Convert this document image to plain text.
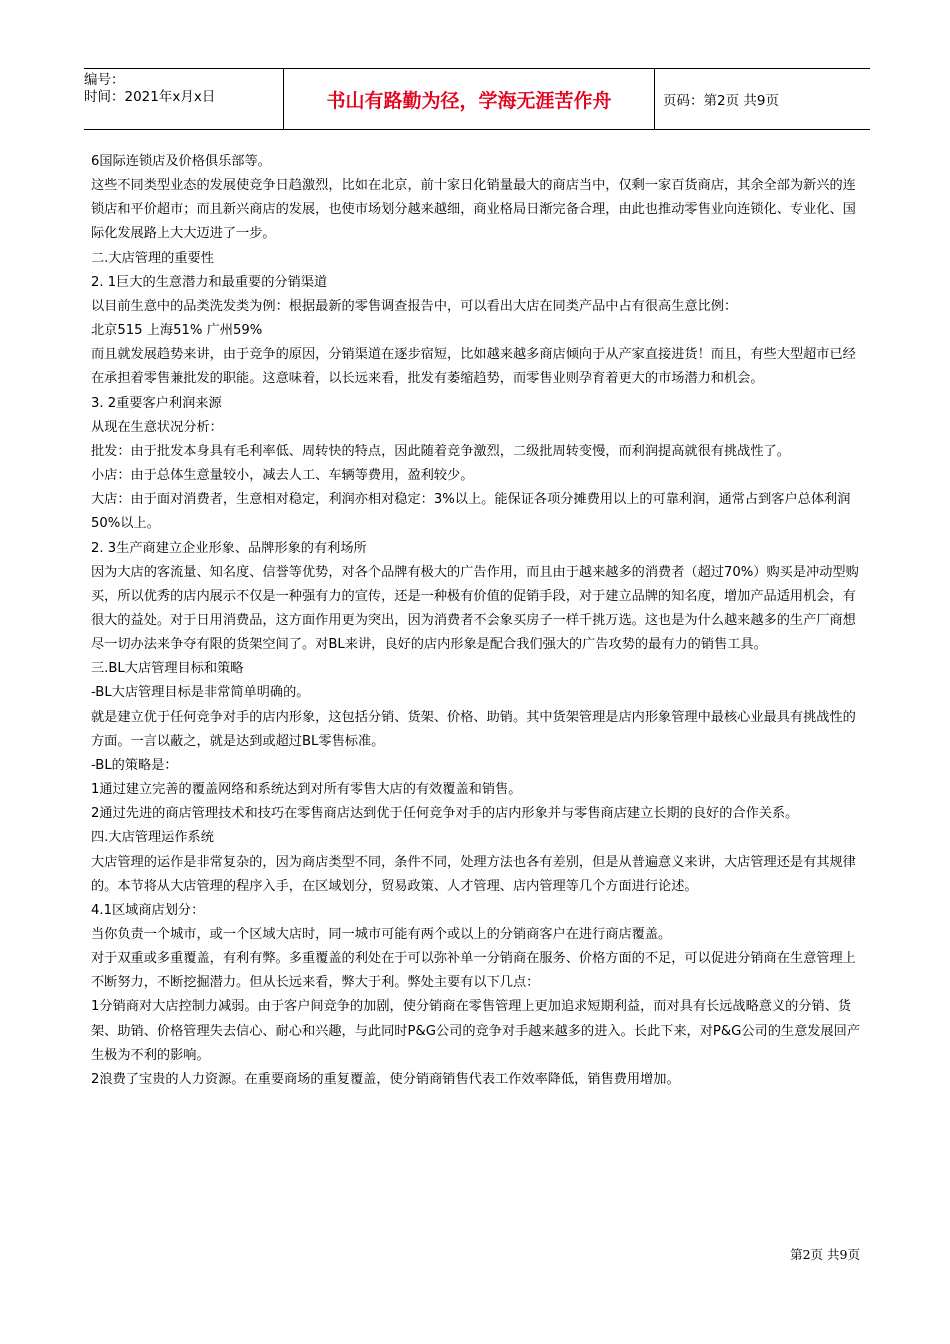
编号：
时间：2021年x月x日	书山有路勤为径，学海无涯苦作舟	页码：第2页 共9页

6国际连锁店及价格俱乐部等。

这些不同类型业态的发展使竞争日趋激烈，比如在北京，前十家日化销量最大的商店当中，仅剩一家百货商店，其余全部为新兴的连锁店和平价超市；而且新兴商店的发展，也使市场划分越来越细，商业格局日渐完备合理，由此也推动零售业向连锁化、专业化、国际化发展路上大大迈进了一步。

二.大店管理的重要性

2. 1巨大的生意潜力和最重要的分销渠道

以目前生意中的品类洗发类为例：根据最新的零售调查报告中，可以看出大店在同类产品中占有很高生意比例：

北京515 上海51% 广州59%

而且就发展趋势来讲，由于竞争的原因，分销渠道在逐步宿短，比如越来越多商店倾向于从产家直接进货！而且，有些大型超市已经在承担着零售兼批发的职能。这意味着，以长远来看，批发有萎缩趋势，而零售业则孕育着更大的市场潜力和机会。

3. 2重要客户利润来源

从现在生意状况分析：

批发：由于批发本身具有毛利率低、周转快的特点，因此随着竞争激烈，二级批周转变慢，而利润提高就很有挑战性了。

小店：由于总体生意量较小，减去人工、车辆等费用，盈利较少。

大店：由于面对消费者，生意相对稳定，利润亦相对稳定：3%以上。能保证各项分摊费用以上的可靠利润，通常占到客户总体利润50%以上。

2. 3生产商建立企业形象、品牌形象的有利场所

因为大店的客流量、知名度、信誉等优势，对各个品牌有极大的广告作用，而且由于越来越多的消费者（超过70%）购买是冲动型购买，所以优秀的店内展示不仅是一种强有力的宣传，还是一种极有价值的促销手段，对于建立品牌的知名度，增加产品适用机会，有很大的益处。对于日用消费品，这方面作用更为突出，因为消费者不会象买房子一样千挑万选。这也是为什么越来越多的生产厂商想尽一切办法来争夺有限的货架空间了。对BL来讲，良好的店内形象是配合我们强大的广告攻势的最有力的销售工具。

三.BL大店管理目标和策略

-BL大店管理目标是非常简单明确的。

就是建立优于任何竞争对手的店内形象，这包括分销、货架、价格、助销。其中货架管理是店内形象管理中最核心业最具有挑战性的方面。一言以蔽之，就是达到或超过BL零售标准。

-BL的策略是：

1通过建立完善的覆盖网络和系统达到对所有零售大店的有效覆盖和销售。

2通过先进的商店管理技术和技巧在零售商店达到优于任何竞争对手的店内形象并与零售商店建立长期的良好的合作关系。

四.大店管理运作系统

大店管理的运作是非常复杂的，因为商店类型不同，条件不同，处理方法也各有差别，但是从普遍意义来讲，大店管理还是有其规律的。本节将从大店管理的程序入手，在区域划分，贸易政策、人才管理、店内管理等几个方面进行论述。

4.1区域商店划分：

当你负责一个城市，或一个区域大店时，同一城市可能有两个或以上的分销商客户在进行商店覆盖。

对于双重或多重覆盖，有利有弊。多重覆盖的利处在于可以弥补单一分销商在服务、价格方面的不足，可以促进分销商在生意管理上不断努力，不断挖掘潜力。但从长远来看，弊大于利。弊处主要有以下几点：

1分销商对大店控制力减弱。由于客户间竞争的加剧，使分销商在零售管理上更加追求短期利益，而对具有长远战略意义的分销、货架、助销、价格管理失去信心、耐心和兴趣，与此同时P&G公司的竞争对手越来越多的进入。长此下来，对P&G公司的生意发展回产生极为不利的影响。

2浪费了宝贵的人力资源。在重要商场的重复覆盖，使分销商销售代表工作效率降低，销售费用增加。

第2页 共9页
